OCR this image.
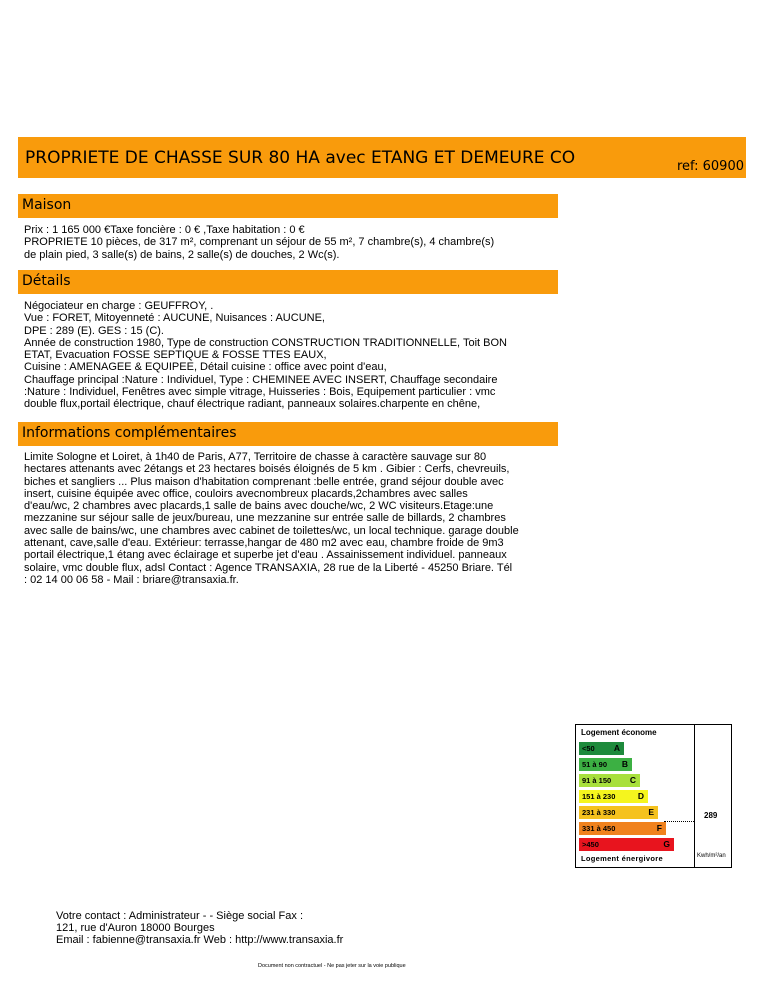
PROPRIETE DE CHASSE SUR 80 HA avec ETANG ET DEMEURE CO	ref: 60900
Maison
Prix : 1 165 000 €Taxe foncière : 0 € ,Taxe habitation : 0 €
PROPRIETE 10 pièces, de 317 m², comprenant un séjour de 55 m², 7 chambre(s), 4 chambre(s)
de plain pied, 3 salle(s) de bains, 2 salle(s) de douches, 2 Wc(s).
Détails
Négociateur en charge : GEUFFROY, .
Vue : FORET, Mitoyenneté : AUCUNE, Nuisances : AUCUNE,
DPE : 289 (E). GES : 15 (C).
Année de construction 1980, Type de construction CONSTRUCTION TRADITIONNELLE, Toit BON
ETAT, Evacuation FOSSE SEPTIQUE & FOSSE TTES EAUX,
Cuisine : AMENAGEE & EQUIPEE, Détail cuisine : office avec point d'eau,
Chauffage principal :Nature : Individuel, Type : CHEMINEE AVEC INSERT, Chauffage secondaire
:Nature : Individuel, Fenêtres avec simple vitrage, Huisseries : Bois, Equipement particulier : vmc
double flux,portail électrique, chauf électrique radiant, panneaux solaires.charpente en chêne,
Informations complémentaires
Limite Sologne et Loiret, à 1h40 de Paris, A77, Territoire de chasse à caractère sauvage sur 80
hectares attenants avec 2étangs et 23 hectares boisés éloignés de 5 km . Gibier : Cerfs, chevreuils,
biches et sangliers ... Plus maison d'habitation comprenant :belle entrée, grand séjour double avec
insert, cuisine équipée avec office, couloirs avecnombreux placards,2chambres avec salles
d'eau/wc, 2 chambres avec placards,1 salle de bains avec douche/wc, 2 WC visiteurs.Etage:une
mezzanine sur séjour salle de jeux/bureau, une mezzanine sur entrée salle de billards, 2 chambres
avec salle de bains/wc, une chambres avec cabinet de toilettes/wc, un local technique. garage double
attenant, cave,salle d'eau. Extérieur: terrasse,hangar de 480 m2 avec eau, chambre froide de 9m3
portail électrique,1 étang avec éclairage et superbe jet d'eau . Assainissement individuel. panneaux
solaire, vmc double flux, adsl Contact : Agence TRANSAXIA, 28 rue de la Liberté - 45250 Briare. Tél
: 02 14 00 06 58 - Mail : briare@transaxia.fr.
Logement économe
<50 A
51 à 90 B
91 à 150 C
151 à 230	D
231 à 330	E
331 à 450	F
>450	G
Logement énergivore
289
Kwh/m²/an
Votre contact : Administrateur - - Siège social Fax :
121, rue d'Auron 18000 Bourges
Email : fabienne@transaxia.fr Web : http://www.transaxia.fr
Document non contractuel - Ne pas jeter sur la voie publique
